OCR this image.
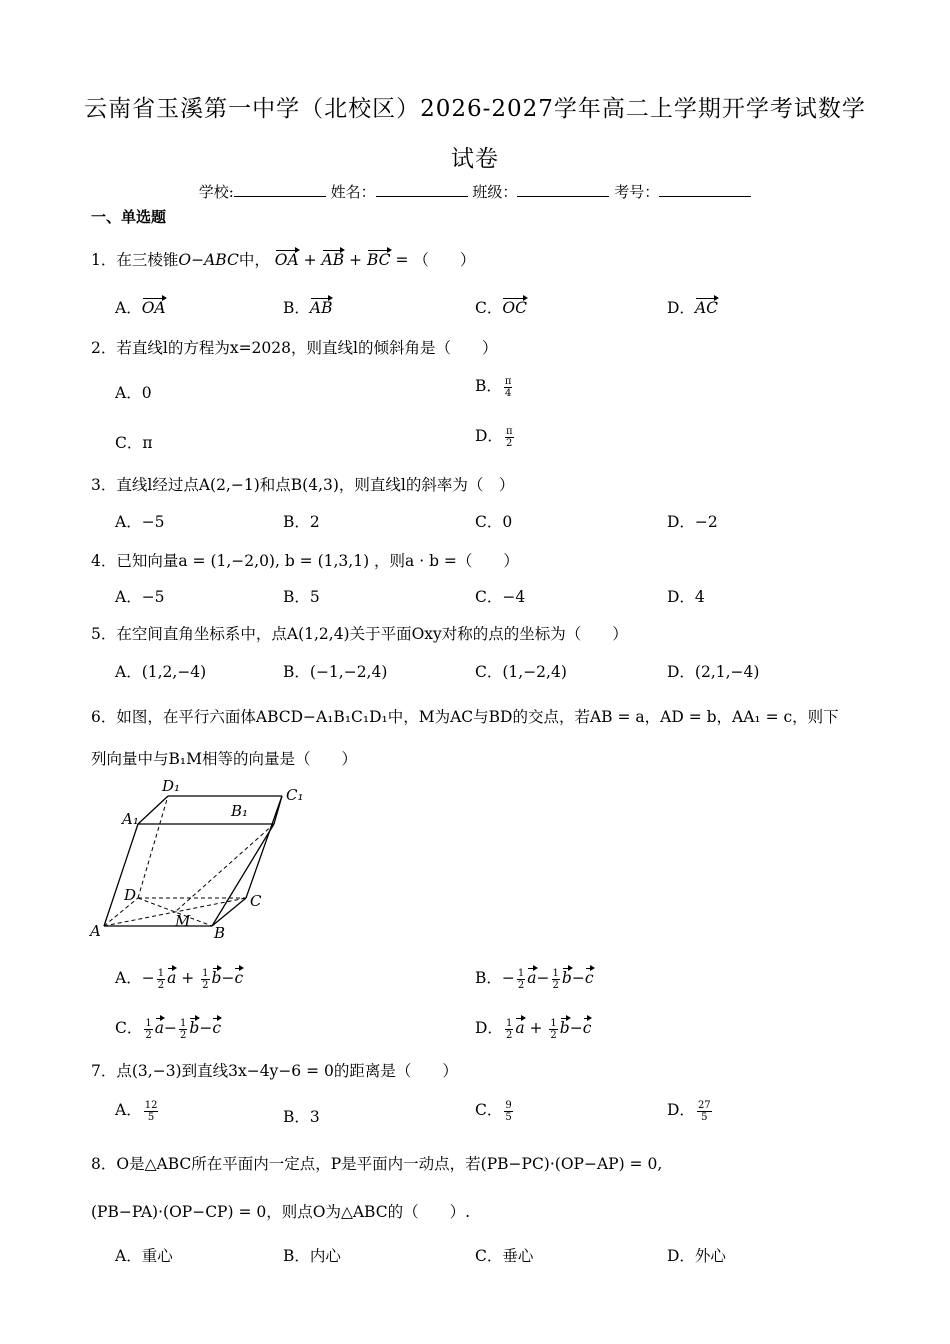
云南省玉溪第一中学（北校区）2026-2027学年高二上学期开学考试数学
试卷
学校:	姓名：	班级：	考号：
一、单选题
1．在三棱锥O−ABC中， OA + AB + BC = （　　）
A．OA	B．AB	C．OC	D．AC
2．若直线l的方程为x=2028，则直线l的倾斜角是（　　）
A．0	B． $\frac{\pi}{4}$
C．π	D． $\frac{\pi}{2}$
3．直线l经过点A(2,−1)和点B(4,3)，则直线l的斜率为（　）
A．−5	B．2	C．0	D．−2
4．已知向量a = (1,−2,0), b = (1,3,1) ，则a · b =（　　）
A．−5	B．5	C．−4	D．4
5．在空间直角坐标系中，点A(1,2,4)关于平面Oxy对称的点的坐标为（　　）
A．(1,2,−4)	B．(−1,−2,4)	C．(1,−2,4)	D．(2,1,−4)
6．如图，在平行六面体ABCD−A₁B₁C₁D₁中，M为AC与BD的交点，若AB = a，AD = b，AA₁ = c，则下
列向量中与B₁M相等的向量是（　　）
D₁	C₁
A₁	B₁
D	C
M
A	B
A．− $\frac{1}{2}$ $a + \frac{1}{2} b-c$	B．− $\frac{1}{2} a- \frac{1}{2} b-c$
C． $\frac{1}{2} a- \frac{1}{2} b-c$	D． $\frac{1}{2}$ $a + \frac{1}{2} b-c$
7．点(3,−3)到直线3x−4y−6 = 0的距离是（　　）
A． $\frac{12}{5}$	B．3	C． $\frac{9}{5}$	D． $\frac{27}{5}$
8．O是△ABC所在平面内一定点，P是平面内一动点，若(PB−PC)·(OP−AP) = 0,
(PB−PA)·(OP−CP) = 0，则点O为△ABC的（　　）.
A．重心	B．内心	C．垂心	D．外心
